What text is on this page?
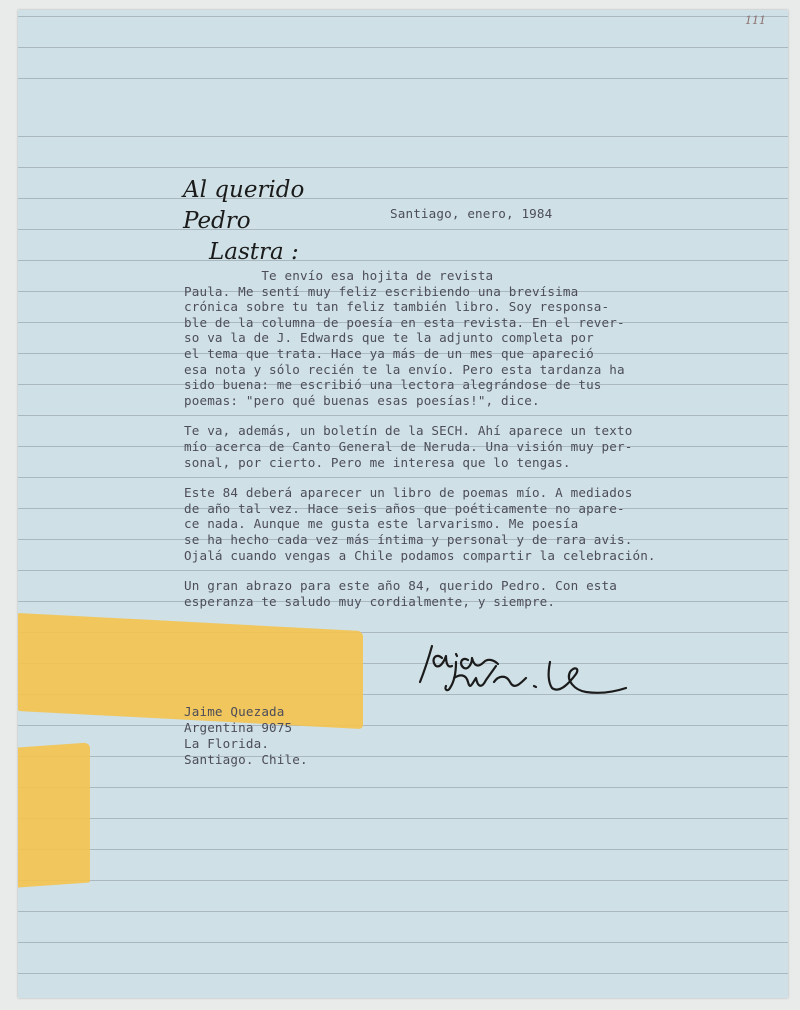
111
Al querido
Pedro
Lastra :
Santiago, enero, 1984
Te envío esa hojita de revista
Paula. Me sentí muy feliz escribiendo una brevísima
crónica sobre tu tan feliz también libro. Soy responsa-
ble de la columna de poesía en esta revista. En el rever-
so va la de J. Edwards que te la adjunto completa por
el tema que trata. Hace ya más de un mes que apareció
esa nota y sólo recién te la envío. Pero esta tardanza ha
sido buena: me escribió una lectora alegrándose de tus
poemas: "pero qué buenas esas poesías!", dice.
Te va, además, un boletín de la SECH. Ahí aparece un texto
mío acerca de Canto General de Neruda. Una visión muy per-
sonal, por cierto. Pero me interesa que lo tengas.
Este 84 deberá aparecer un libro de poemas mío. A mediados
de año tal vez. Hace seis años que poéticamente no apare-
ce nada. Aunque me gusta este larvarismo. Me poesía
se ha hecho cada vez más íntima y personal y de rara avis.
Ojalá cuando vengas a Chile podamos compartir la celebración.
Un gran abrazo para este año 84, querido Pedro. Con esta
esperanza te saludo muy cordialmente, y siempre.
Jaime Quezada
Argentina 9075
La Florida.
Santiago. Chile.
